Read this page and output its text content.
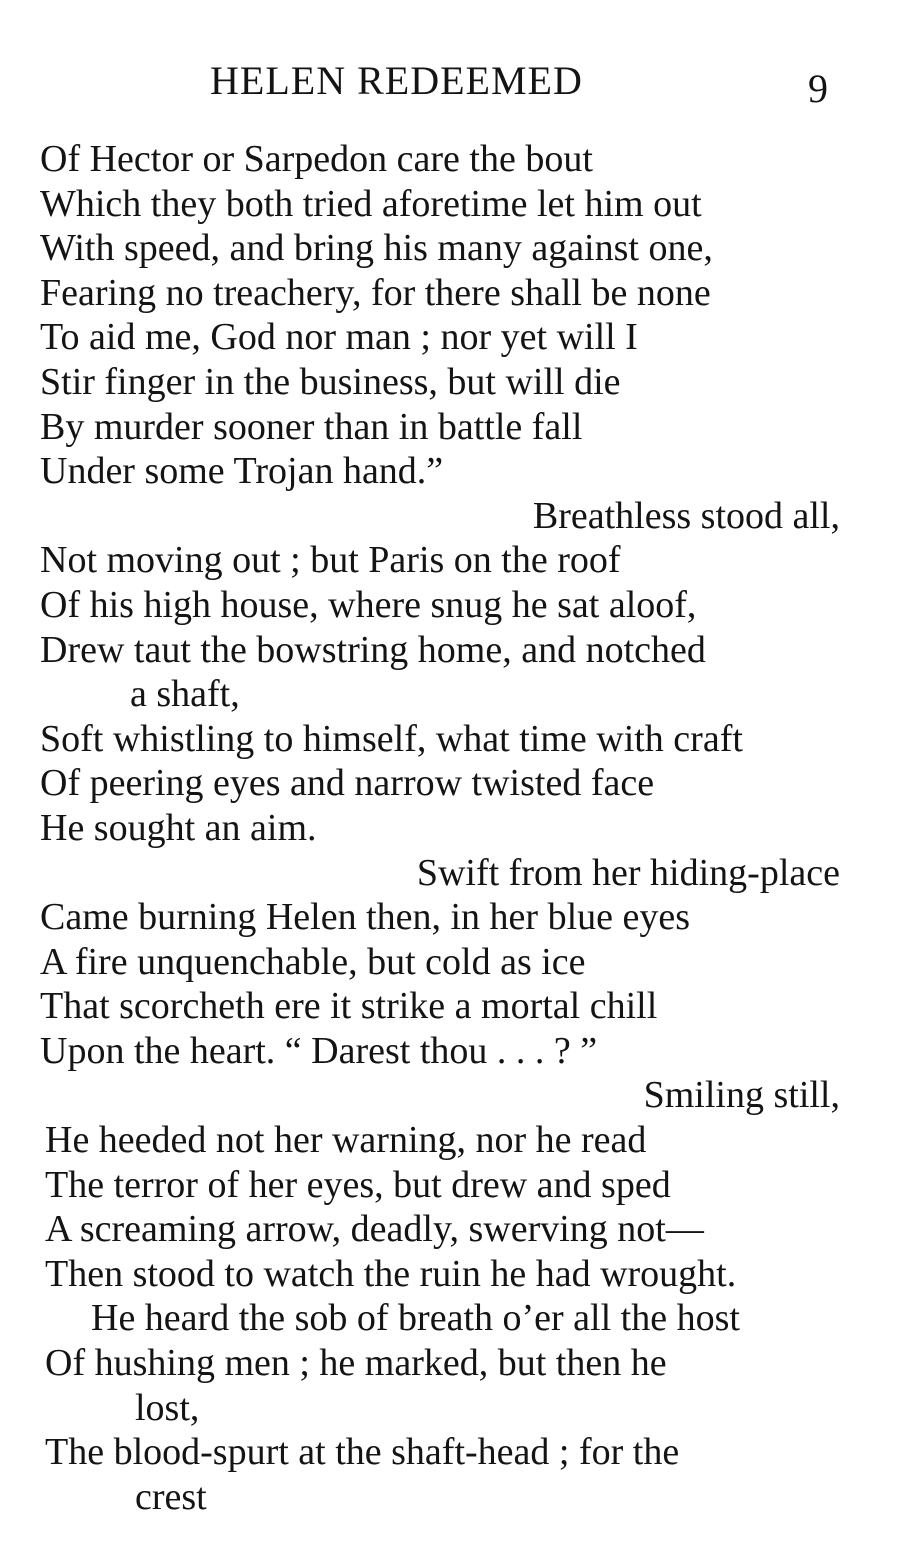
HELEN REDEEMED	9
Of Hector or Sarpedon care the bout
Which they both tried aforetime let him out
With speed, and bring his many against one,
Fearing no treachery, for there shall be none
To aid me, God nor man ; nor yet will I
Stir finger in the business, but will die
By murder sooner than in battle fall
Under some Trojan hand.”
Breathless stood all,
Not moving out ; but Paris on the roof
Of his high house, where snug he sat aloof,
Drew taut the bowstring home, and notched
a shaft,
Soft whistling to himself, what time with craft
Of peering eyes and narrow twisted face
He sought an aim.
Swift from her hiding-place
Came burning Helen then, in her blue eyes
A fire unquenchable, but cold as ice
That scorcheth ere it strike a mortal chill
Upon the heart. “ Darest thou . . . ? ”
Smiling still,
He heeded not her warning, nor he read
The terror of her eyes, but drew and sped
A screaming arrow, deadly, swerving not—
Then stood to watch the ruin he had wrought.
He heard the sob of breath o’er all the host
Of hushing men ; he marked, but then he
lost,
The blood-spurt at the shaft-head ; for the
crest
